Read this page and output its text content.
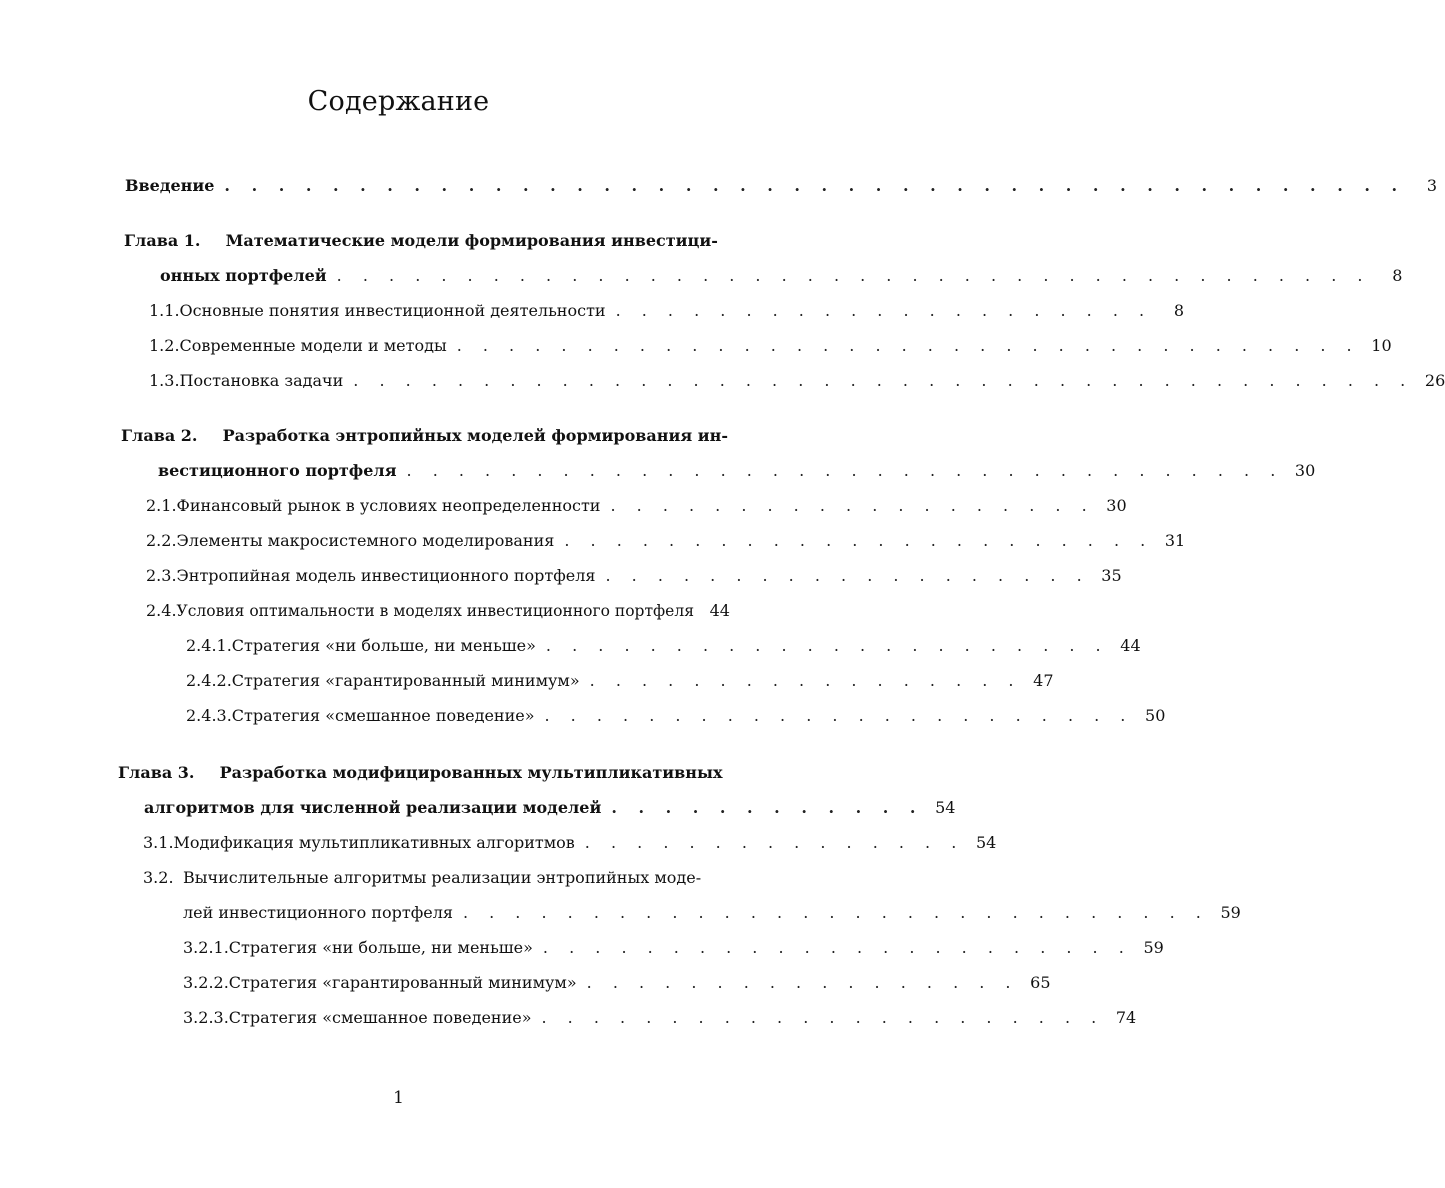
Содержание
Введение . . . . . . . . . . . . . . . . . . . . . . . . . . . . . . . . . . . . . . . . . . . .	3
Глава 1. Математические модели формирования инвестици-
онных портфелей . . . . . . . . . . . . . . . . . . . . . . . . . . . . . . . . . . . . . . . .	8
1.1. Основные понятия инвестиционной деятельности . . . . . . . . . . . . . . . . . . . . .	8
1.2. Современные модели и методы . . . . . . . . . . . . . . . . . . . . . . . . . . . . . . . . . . . 10
1.3. Постановка задачи . . . . . . . . . . . . . . . . . . . . . . . . . . . . . . . . . . . . . . . . . 26
Глава 2. Разработка энтропийных моделей формирования ин-
вестиционного портфеля . . . . . . . . . . . . . . . . . . . . . . . . . . . . . . . . . . 30
2.1. Финансовый рынок в условиях неопределенности . . . . . . . . . . . . . . . . . . . 30
2.2. Элементы макросистемного моделирования . . . . . . . . . . . . . . . . . . . . . . . 31
2.3. Энтропийная модель инвестиционного портфеля . . . . . . . . . . . . . . . . . . . 35
2.4. Условия оптимальности в моделях инвестиционного портфеля 44
2.4.1. Стратегия «ни больше, ни меньше» . . . . . . . . . . . . . . . . . . . . . . 44
2.4.2. Стратегия «гарантированный минимум» . . . . . . . . . . . . . . . . . 47
2.4.3. Стратегия «смешанное поведение» . . . . . . . . . . . . . . . . . . . . . . . 50
Глава 3. Разработка модифицированных мультипликативных
алгоритмов для численной реализации моделей . . . . . . . . . . . . 54
3.1. Модификация мультипликативных алгоритмов . . . . . . . . . . . . . . . 54
3.2. Вычислительные алгоритмы реализации энтропийных моде-
лей инвестиционного портфеля . . . . . . . . . . . . . . . . . . . . . . . . . . . . . 59
3.2.1. Стратегия «ни больше, ни меньше» . . . . . . . . . . . . . . . . . . . . . . . 59
3.2.2. Стратегия «гарантированный минимум» . . . . . . . . . . . . . . . . . 65
3.2.3. Стратегия «смешанное поведение» . . . . . . . . . . . . . . . . . . . . . . 74
1
